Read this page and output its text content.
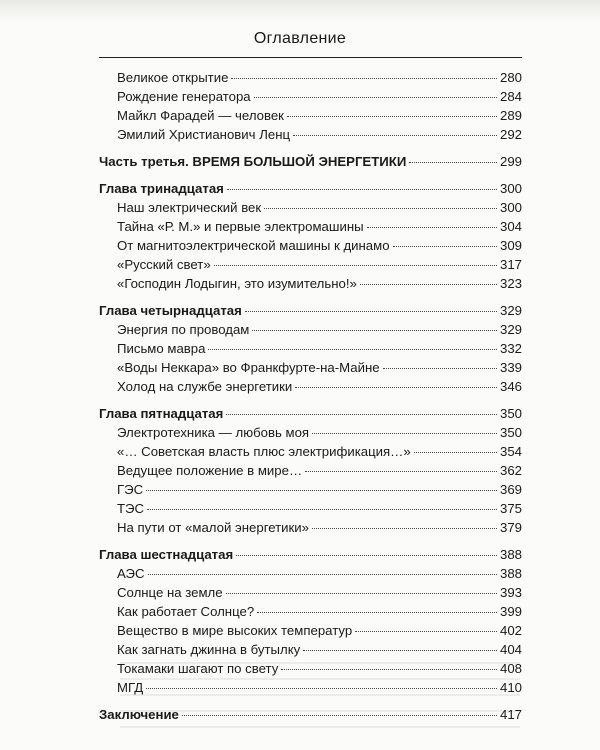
Оглавление
Великое открытие	280
Рождение генератора	284
Майкл Фарадей — человек	289
Эмилий Христианович Ленц	292
Часть третья. ВРЕМЯ БОЛЬШОЙ ЭНЕРГЕТИКИ	299
Глава тринадцатая	300
Наш электрический век	300
Тайна «Р. М.» и первые электромашины	304
От магнитоэлектрической машины к динамо	309
«Русский свет»	317
«Господин Лодыгин, это изумительно!»	323
Глава четырнадцатая	329
Энергия по проводам	329
Письмо мавра	332
«Воды Неккара» во Франкфурте-на-Майне	339
Холод на службе энергетики	346
Глава пятнадцатая	350
Электротехника — любовь моя	350
«… Советская власть плюс электрификация…»	354
Ведущее положение в мире…	362
ГЭС	369
ТЭС	375
На пути от «малой энергетики»	379
Глава шестнадцатая	388
АЭС	388
Солнце на земле	393
Как работает Солнце?	399
Вещество в мире высоких температур	402
Как загнать джинна в бутылку	404
Токамаки шагают по свету	408
МГД	410
Заключение	417
